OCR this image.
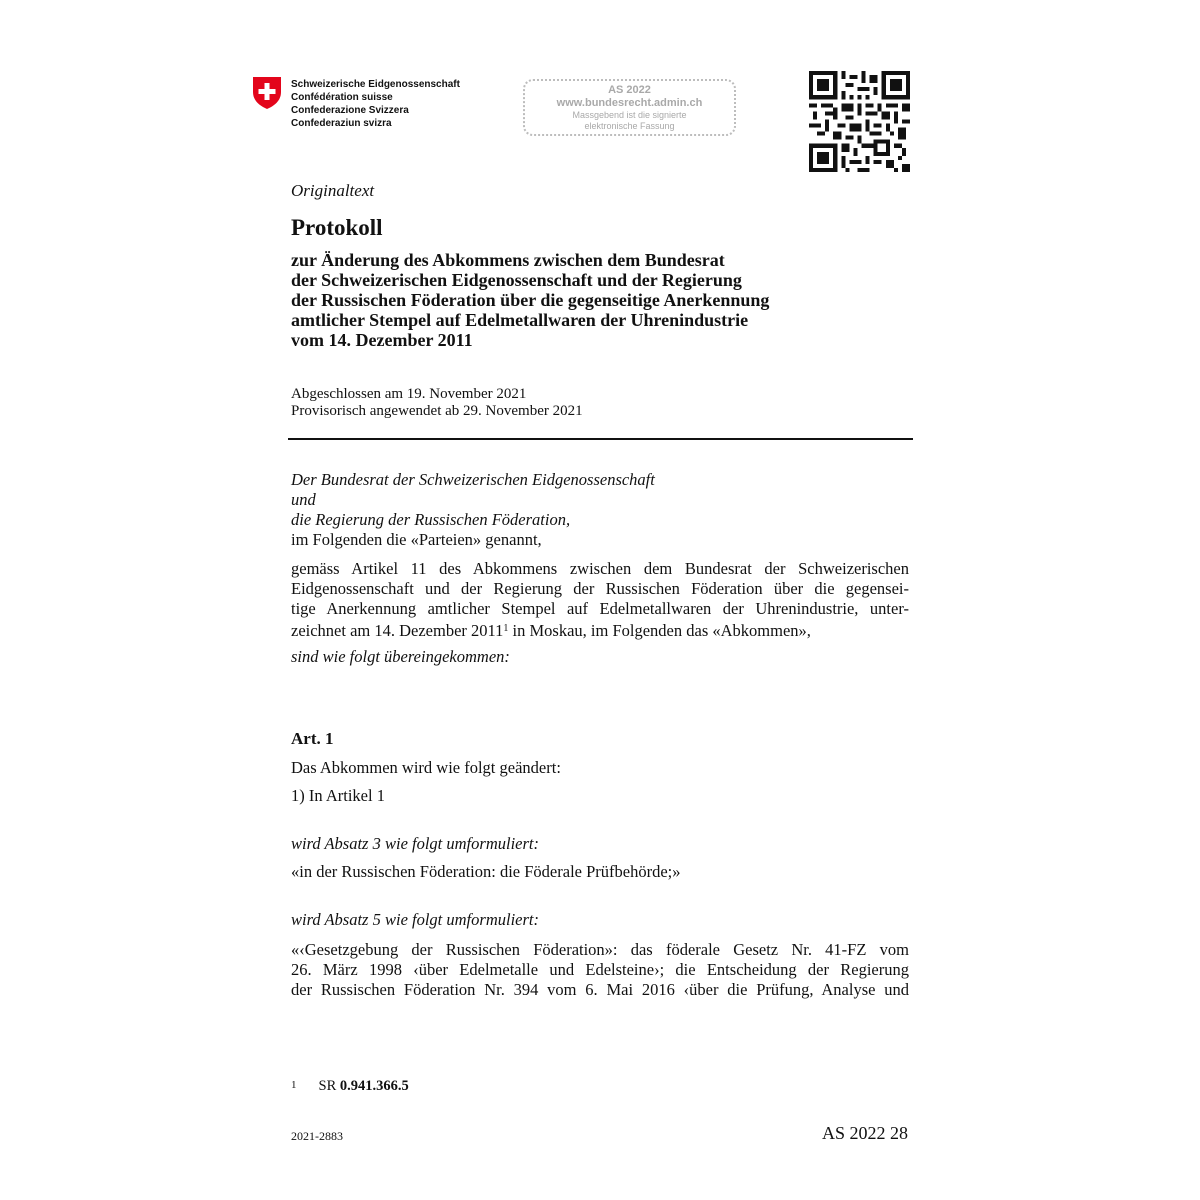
Schweizerische Eidgenossenschaft
Confédération suisse
Confederazione Svizzera
Confederaziun svizra
AS 2022
www.bundesrecht.admin.ch
Massgebend ist die signierte
elektronische Fassung
Originaltext
Protokoll
zur Änderung des Abkommens zwischen dem Bundesrat
der Schweizerischen Eidgenossenschaft und der Regierung
der Russischen Föderation über die gegenseitige Anerkennung
amtlicher Stempel auf Edelmetallwaren der Uhrenindustrie
vom 14. Dezember 2011
Abgeschlossen am 19. November 2021
Provisorisch angewendet ab 29. November 2021
Der Bundesrat der Schweizerischen Eidgenossenschaft
und
die Regierung der Russischen Föderation,
im Folgenden die «Parteien» genannt,
gemäss Artikel 11 des Abkommens zwischen dem Bundesrat der Schweizerischen
Eidgenossenschaft und der Regierung der Russischen Föderation über die gegensei-
tige Anerkennung amtlicher Stempel auf Edelmetallwaren der Uhrenindustrie, unter-
zeichnet am 14. Dezember 2011$^1$ in Moskau, im Folgenden das «Abkommen»,
sind wie folgt übereingekommen:
Art. 1
Das Abkommen wird wie folgt geändert:
1) In Artikel 1
wird Absatz 3 wie folgt umformuliert:
«in der Russischen Föderation: die Föderale Prüfbehörde;»
wird Absatz 5 wie folgt umformuliert:
«‹Gesetzgebung der Russischen Föderation»: das föderale Gesetz Nr. 41-FZ vom
26. März 1998 ‹über Edelmetalle und Edelsteine›; die Entscheidung der Regierung
der Russischen Föderation Nr. 394 vom 6. Mai 2016 ‹über die Prüfung, Analyse und
1 SR 0.941.366.5
2021-2883	AS 2022 28
